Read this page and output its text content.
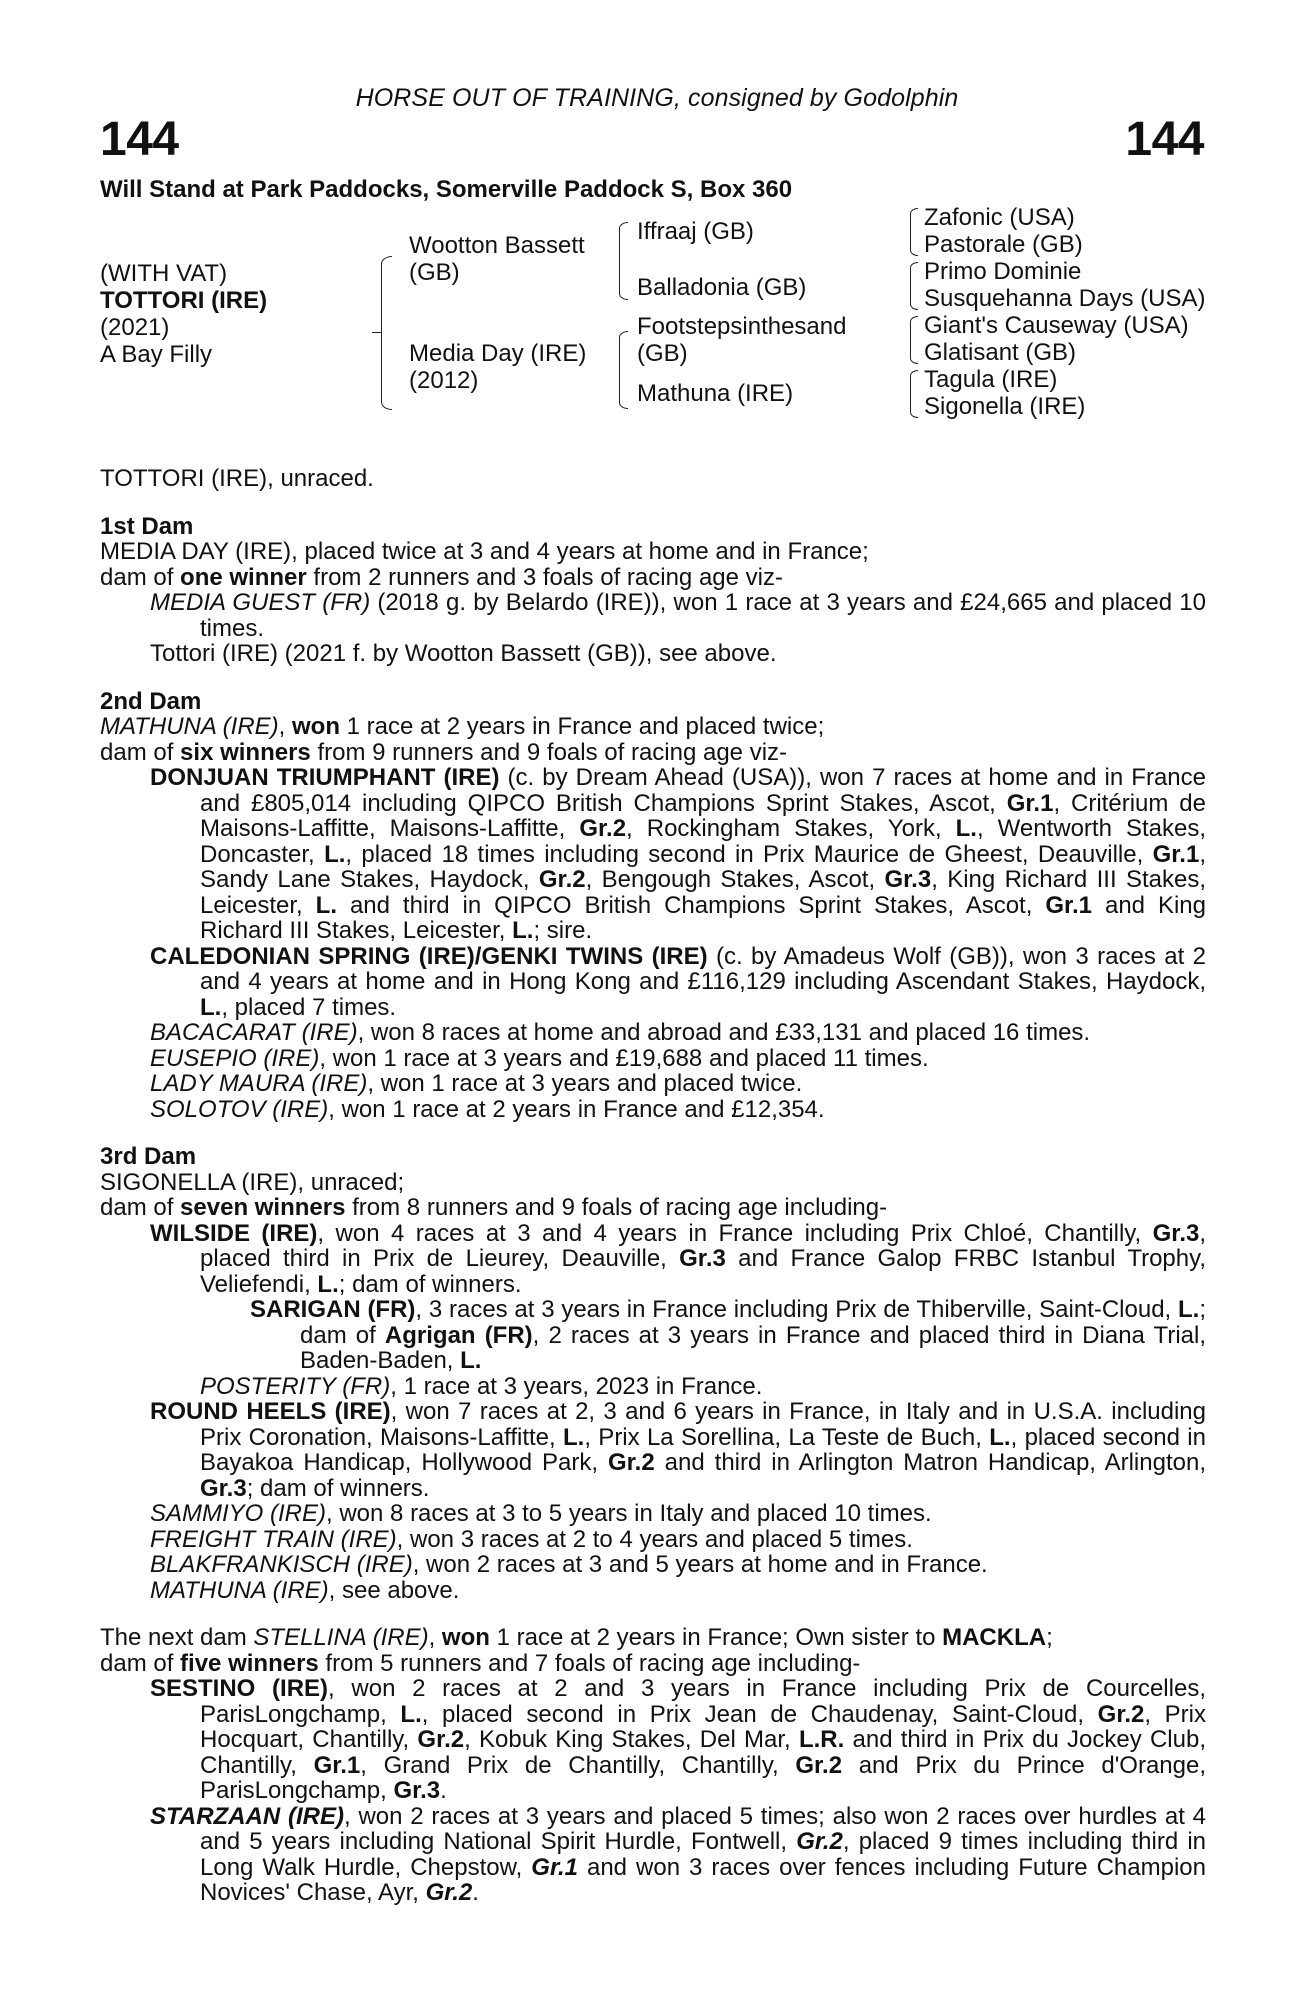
HORSE OUT OF TRAINING, consigned by Godolphin
144	144
Will Stand at Park Paddocks, Somerville Paddock S, Box 360
(WITH VAT)
TOTTORI (IRE)
(2021)
A Bay Filly
Wootton Bassett
(GB)
Media Day (IRE)
(2012)
Iffraaj (GB)
Balladonia (GB)
Footstepsinthesand
(GB)
Mathuna (IRE)
Zafonic (USA)
Pastorale (GB)
Primo Dominie
Susquehanna Days (USA)
Giant's Causeway (USA)
Glatisant (GB)
Tagula (IRE)
Sigonella (IRE)

TOTTORI (IRE), unraced.

1st Dam

MEDIA DAY (IRE), placed twice at 3 and 4 years at home and in France;

dam of one winner from 2 runners and 3 foals of racing age viz-

MEDIA GUEST (FR) (2018 g. by Belardo (IRE)), won 1 race at 3 years and £24,665 and placed 10 times.

Tottori (IRE) (2021 f. by Wootton Bassett (GB)), see above.

2nd Dam

MATHUNA (IRE), won 1 race at 2 years in France and placed twice;

dam of six winners from 9 runners and 9 foals of racing age viz-

DONJUAN TRIUMPHANT (IRE) (c. by Dream Ahead (USA)), won 7 races at home and in France and £805,014 including QIPCO British Champions Sprint Stakes, Ascot, Gr.1, Critérium de Maisons-Laffitte, Maisons-Laffitte, Gr.2, Rockingham Stakes, York, L., Wentworth Stakes, Doncaster, L., placed 18 times including second in Prix Maurice de Gheest, Deauville, Gr.1, Sandy Lane Stakes, Haydock, Gr.2, Bengough Stakes, Ascot, Gr.3, King Richard III Stakes, Leicester, L. and third in QIPCO British Champions Sprint Stakes, Ascot, Gr.1 and King Richard III Stakes, Leicester, L.; sire.

CALEDONIAN SPRING (IRE)/GENKI TWINS (IRE) (c. by Amadeus Wolf (GB)), won 3 races at 2 and 4 years at home and in Hong Kong and £116,129 including Ascendant Stakes, Haydock, L., placed 7 times.

BACACARAT (IRE), won 8 races at home and abroad and £33,131 and placed 16 times.

EUSEPIO (IRE), won 1 race at 3 years and £19,688 and placed 11 times.

LADY MAURA (IRE), won 1 race at 3 years and placed twice.

SOLOTOV (IRE), won 1 race at 2 years in France and £12,354.

3rd Dam

SIGONELLA (IRE), unraced;

dam of seven winners from 8 runners and 9 foals of racing age including-

WILSIDE (IRE), won 4 races at 3 and 4 years in France including Prix Chloé, Chantilly, Gr.3, placed third in Prix de Lieurey, Deauville, Gr.3 and France Galop FRBC Istanbul Trophy, Veliefendi, L.; dam of winners.

SARIGAN (FR), 3 races at 3 years in France including Prix de Thiberville, Saint-Cloud, L.; dam of Agrigan (FR), 2 races at 3 years in France and placed third in Diana Trial, Baden-Baden, L.

POSTERITY (FR), 1 race at 3 years, 2023 in France.

ROUND HEELS (IRE), won 7 races at 2, 3 and 6 years in France, in Italy and in U.S.A. including Prix Coronation, Maisons-Laffitte, L., Prix La Sorellina, La Teste de Buch, L., placed second in Bayakoa Handicap, Hollywood Park, Gr.2 and third in Arlington Matron Handicap, Arlington, Gr.3; dam of winners.

SAMMIYO (IRE), won 8 races at 3 to 5 years in Italy and placed 10 times.

FREIGHT TRAIN (IRE), won 3 races at 2 to 4 years and placed 5 times.

BLAKFRANKISCH (IRE), won 2 races at 3 and 5 years at home and in France.

MATHUNA (IRE), see above.

The next dam STELLINA (IRE), won 1 race at 2 years in France; Own sister to MACKLA;

dam of five winners from 5 runners and 7 foals of racing age including-

SESTINO (IRE), won 2 races at 2 and 3 years in France including Prix de Courcelles, ParisLongchamp, L., placed second in Prix Jean de Chaudenay, Saint-Cloud, Gr.2, Prix Hocquart, Chantilly, Gr.2, Kobuk King Stakes, Del Mar, L.R. and third in Prix du Jockey Club, Chantilly, Gr.1, Grand Prix de Chantilly, Chantilly, Gr.2 and Prix du Prince d'Orange, ParisLongchamp, Gr.3.

STARZAAN (IRE), won 2 races at 3 years and placed 5 times; also won 2 races over hurdles at 4 and 5 years including National Spirit Hurdle, Fontwell, Gr.2, placed 9 times including third in Long Walk Hurdle, Chepstow, Gr.1 and won 3 races over fences including Future Champion Novices' Chase, Ayr, Gr.2.
